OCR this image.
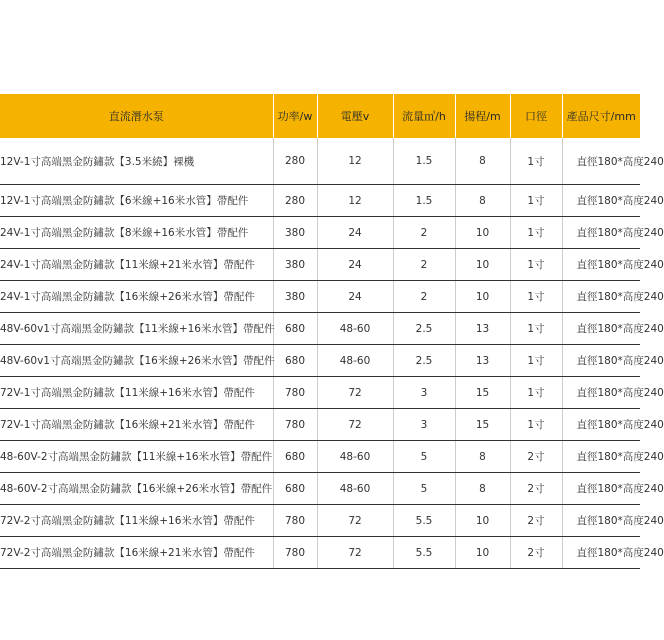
直流潛水泵	功率/w	電壓v	流量㎥/h	揚程/m	口徑	產品尺寸/mm
12V-1寸高端黑金防鏽款【3.5米繞】裸機	280	12	1.5	8	1寸	直徑180*高度240
12V-1寸高端黑金防鏽款【6米線+16米水管】帶配件	280	12	1.5	8	1寸	直徑180*高度240
24V-1寸高端黑金防鏽款【8米線+16米水管】帶配件	380	24	2	10	1寸	直徑180*高度240
24V-1寸高端黑金防鏽款【11米線+21米水管】帶配件	380	24	2	10	1寸	直徑180*高度240
24V-1寸高端黑金防鏽款【16米線+26米水管】帶配件	380	24	2	10	1寸	直徑180*高度240
48V-60v1寸高端黑金防鏽款【11米線+16米水管】帶配件	680	48-60	2.5	13	1寸	直徑180*高度240
48V-60v1寸高端黑金防鏽款【16米線+26米水管】帶配件	680	48-60	2.5	13	1寸	直徑180*高度240
72V-1寸高端黑金防鏽款【11米線+16米水管】帶配件	780	72	3	15	1寸	直徑180*高度240
72V-1寸高端黑金防鏽款【16米線+21米水管】帶配件	780	72	3	15	1寸	直徑180*高度240
48-60V-2寸高端黑金防鏽款【11米線+16米水管】帶配件	680	48-60	5	8	2寸	直徑180*高度240
48-60V-2寸高端黑金防鏽款【16米線+26米水管】帶配件	680	48-60	5	8	2寸	直徑180*高度240
72V-2寸高端黑金防鏽款【11米線+16米水管】帶配件	780	72	5.5	10	2寸	直徑180*高度240
72V-2寸高端黑金防鏽款【16米線+21米水管】帶配件	780	72	5.5	10	2寸	直徑180*高度240
